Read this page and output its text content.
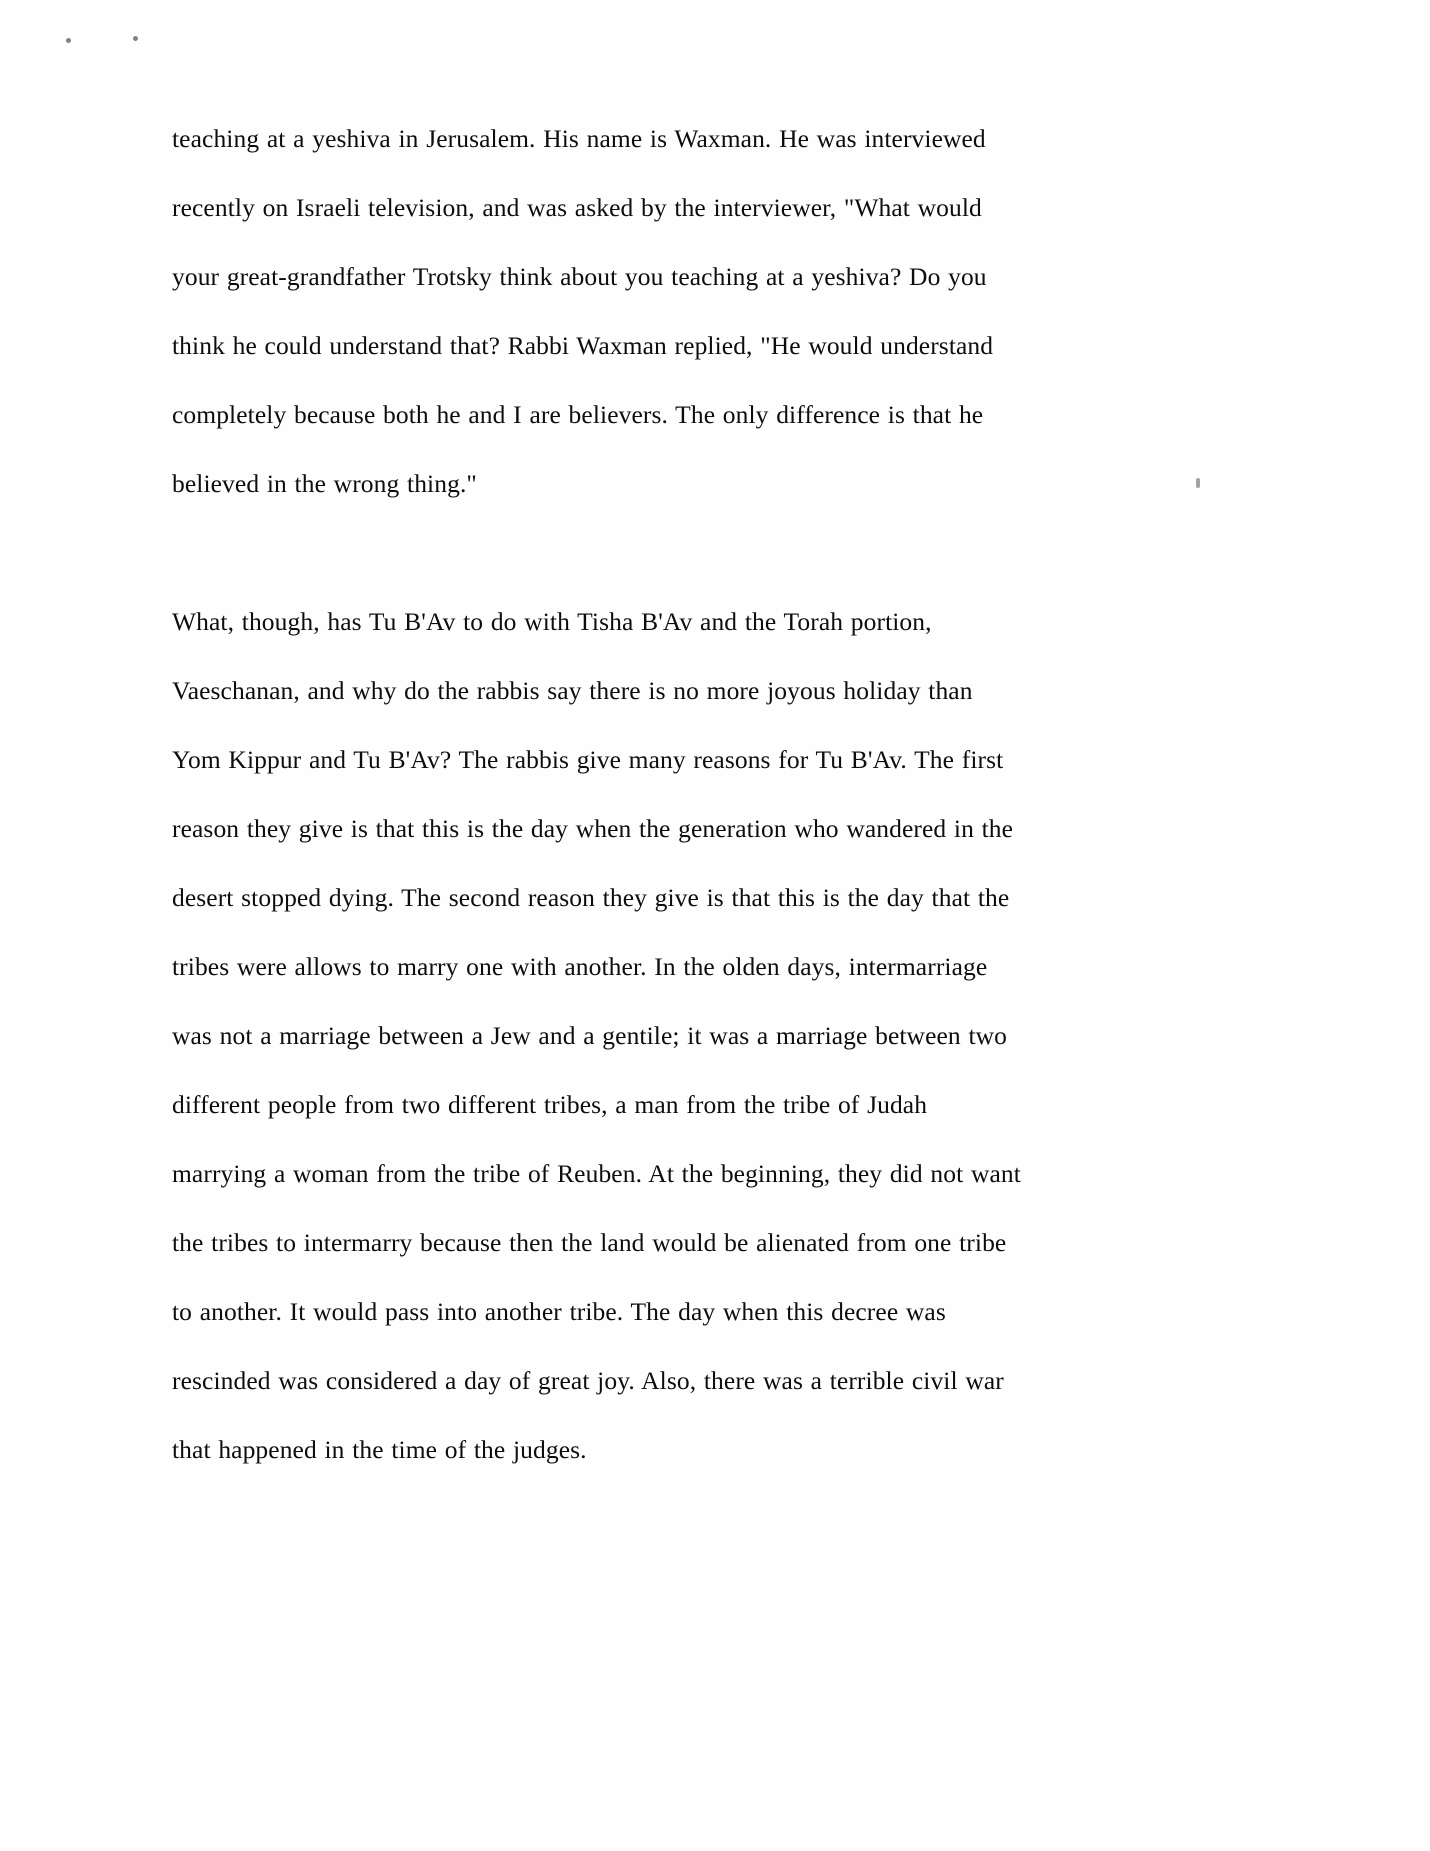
teaching at a yeshiva in Jerusalem. His name is Waxman. He was interviewed recently on Israeli television, and was asked by the interviewer, "What would your great-grandfather Trotsky think about you teaching at a yeshiva? Do you think he could understand that? Rabbi Waxman replied, "He would understand completely because both he and I are believers. The only difference is that he believed in the wrong thing."

What, though, has Tu B'Av to do with Tisha B'Av and the Torah portion, Vaeschanan, and why do the rabbis say there is no more joyous holiday than Yom Kippur and Tu B'Av? The rabbis give many reasons for Tu B'Av. The first reason they give is that this is the day when the generation who wandered in the desert stopped dying. The second reason they give is that this is the day that the tribes were allows to marry one with another. In the olden days, intermarriage was not a marriage between a Jew and a gentile; it was a marriage between two different people from two different tribes, a man from the tribe of Judah marrying a woman from the tribe of Reuben. At the beginning, they did not want the tribes to intermarry because then the land would be alienated from one tribe to another. It would pass into another tribe. The day when this decree was rescinded was considered a day of great joy. Also, there was a terrible civil war that happened in the time of the judges.
